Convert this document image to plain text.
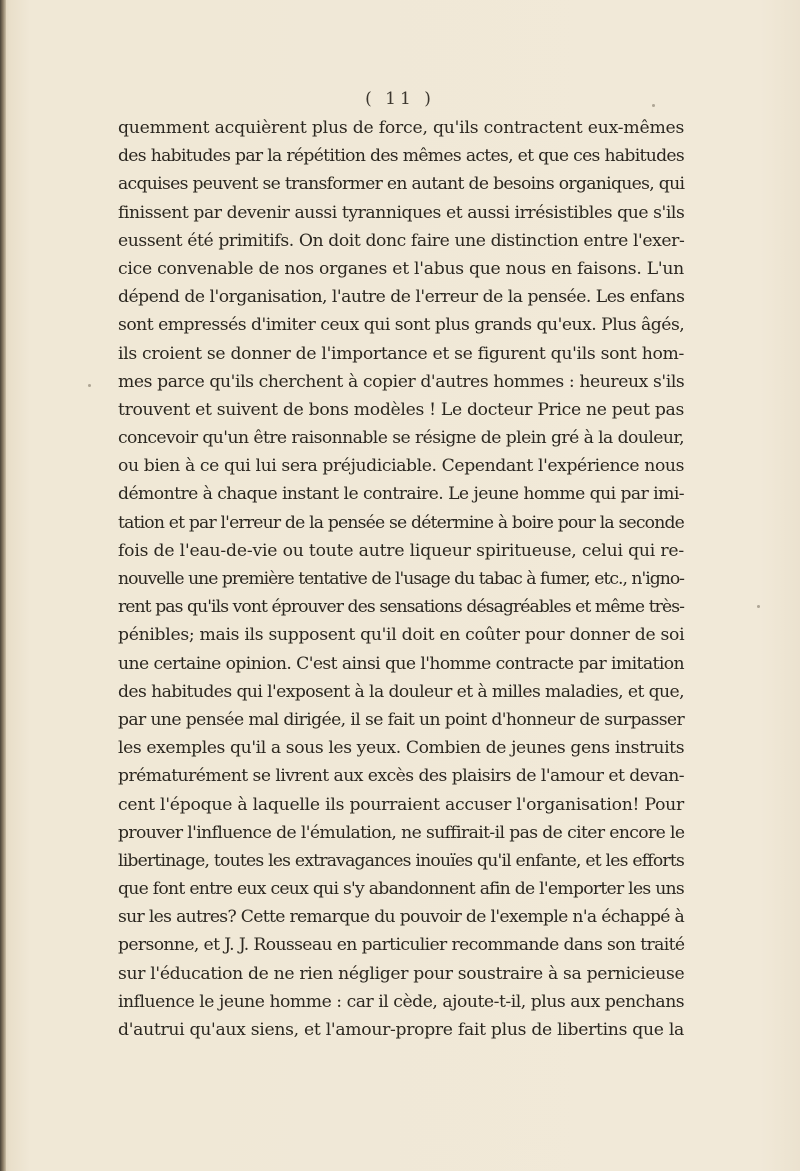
( 11 )
quemment acquièrent plus de force, qu'ils contractent eux-mêmes
des habitudes par la répétition des mêmes actes, et que ces habitudes
acquises peuvent se transformer en autant de besoins organiques, qui
finissent par devenir aussi tyranniques et aussi irrésistibles que s'ils
eussent été primitifs. On doit donc faire une distinction entre l'exer-
cice convenable de nos organes et l'abus que nous en faisons. L'un
dépend de l'organisation, l'autre de l'erreur de la pensée. Les enfans
sont empressés d'imiter ceux qui sont plus grands qu'eux. Plus âgés,
ils croient se donner de l'importance et se figurent qu'ils sont hom-
mes parce qu'ils cherchent à copier d'autres hommes : heureux s'ils
trouvent et suivent de bons modèles ! Le docteur Price ne peut pas
concevoir qu'un être raisonnable se résigne de plein gré à la douleur,
ou bien à ce qui lui sera préjudiciable. Cependant l'expérience nous
démontre à chaque instant le contraire. Le jeune homme qui par imi-
tation et par l'erreur de la pensée se détermine à boire pour la seconde
fois de l'eau-de-vie ou toute autre liqueur spiritueuse, celui qui re-
nouvelle une première tentative de l'usage du tabac à fumer, etc., n'igno-
rent pas qu'ils vont éprouver des sensations désagréables et même très-
pénibles; mais ils supposent qu'il doit en coûter pour donner de soi
une certaine opinion. C'est ainsi que l'homme contracte par imitation
des habitudes qui l'exposent à la douleur et à milles maladies, et que,
par une pensée mal dirigée, il se fait un point d'honneur de surpasser
les exemples qu'il a sous les yeux. Combien de jeunes gens instruits
prématurément se livrent aux excès des plaisirs de l'amour et devan-
cent l'époque à laquelle ils pourraient accuser l'organisation! Pour
prouver l'influence de l'émulation, ne suffirait-il pas de citer encore le
libertinage, toutes les extravagances inouïes qu'il enfante, et les efforts
que font entre eux ceux qui s'y abandonnent afin de l'emporter les uns
sur les autres? Cette remarque du pouvoir de l'exemple n'a échappé à
personne, et J. J. Rousseau en particulier recommande dans son traité
sur l'éducation de ne rien négliger pour soustraire à sa pernicieuse
influence le jeune homme : car il cède, ajoute-t-il, plus aux penchans
d'autrui qu'aux siens, et l'amour-propre fait plus de libertins que la
